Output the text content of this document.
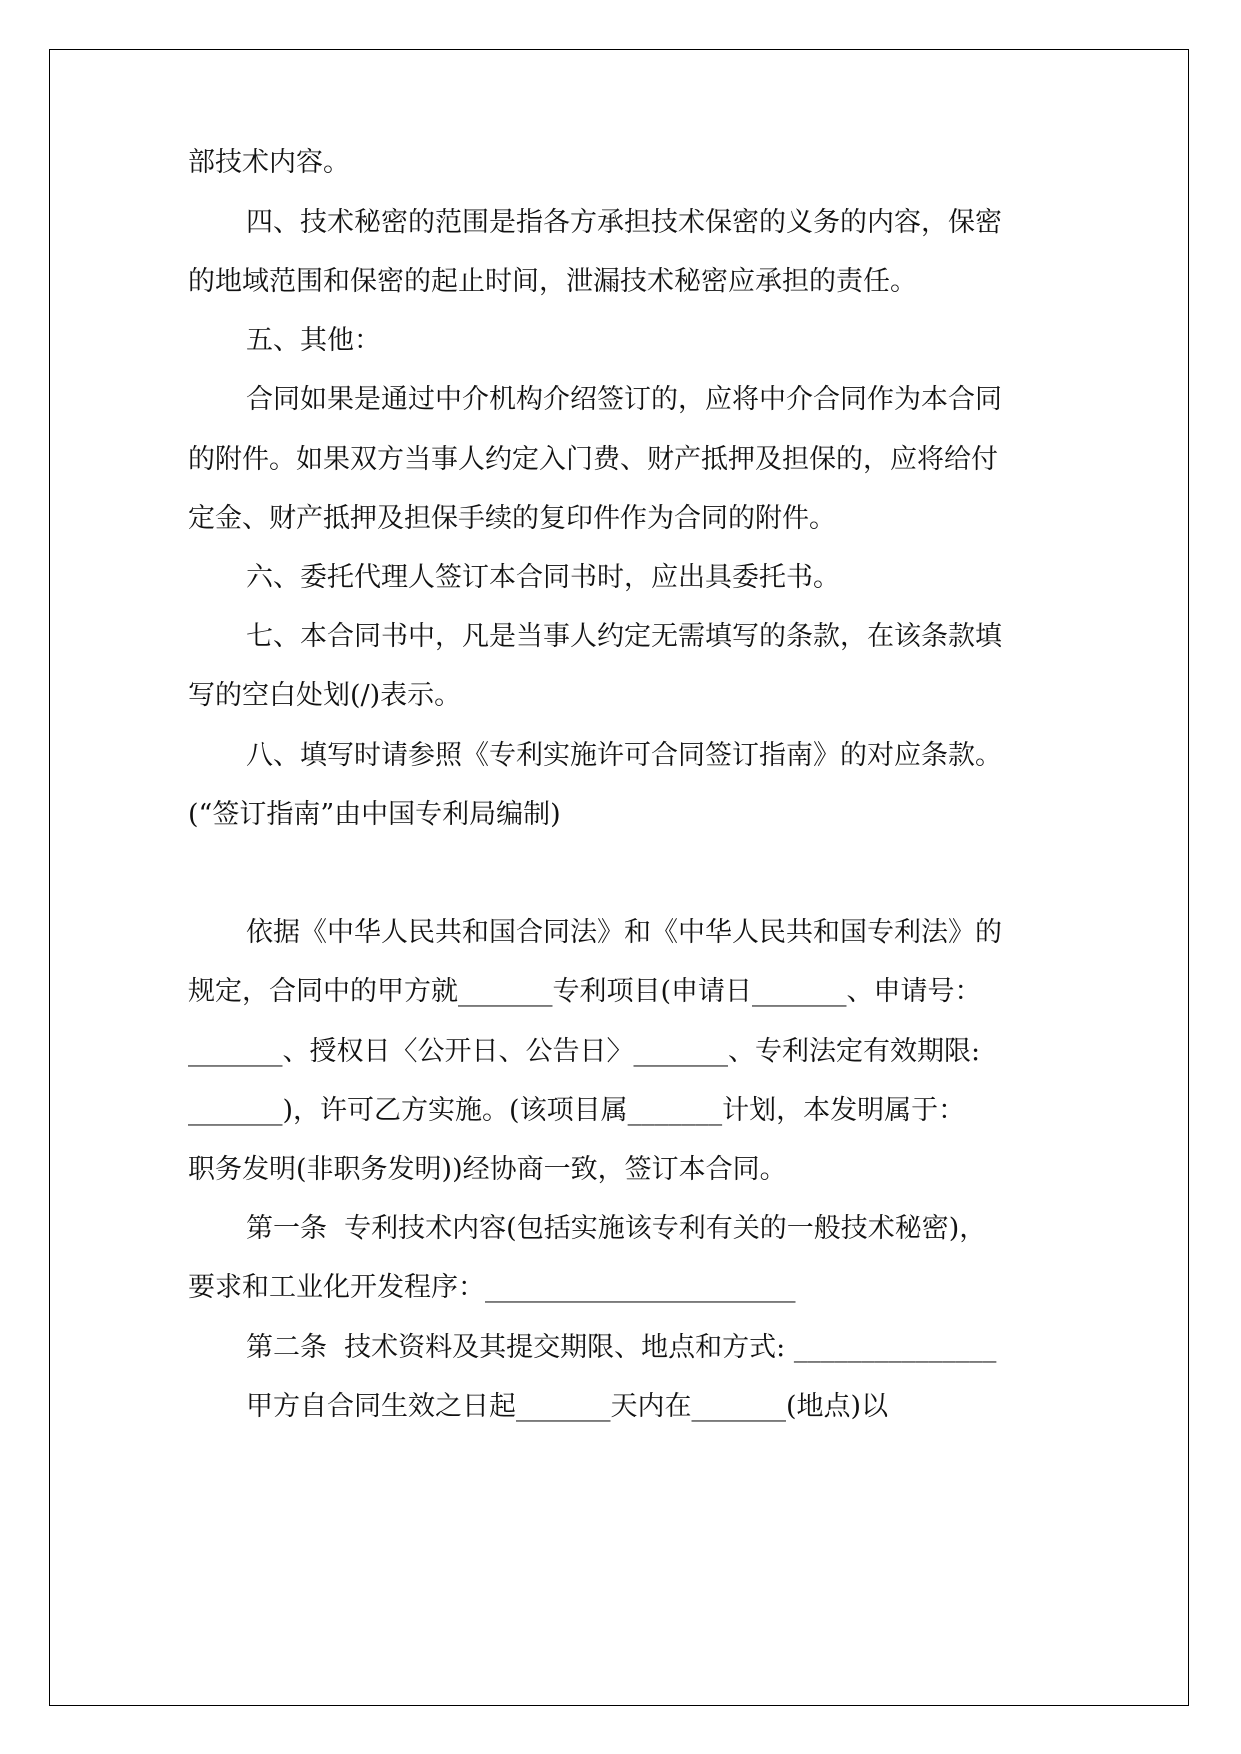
部技术内容。
四、技术秘密的范围是指各方承担技术保密的义务的内容，保密
的地域范围和保密的起止时间，泄漏技术秘密应承担的责任。
五、其他：
合同如果是通过中介机构介绍签订的，应将中介合同作为本合同
的附件。如果双方当事人约定入门费、财产抵押及担保的，应将给付
定金、财产抵押及担保手续的复印件作为合同的附件。
六、委托代理人签订本合同书时，应出具委托书。
七、本合同书中，凡是当事人约定无需填写的条款，在该条款填
写的空白处划(/)表示。
八、填写时请参照《专利实施许可合同签订指南》的对应条款。
(“签订指南”由中国专利局编制)
依据《中华人民共和国合同法》和《中华人民共和国专利法》的
规定，合同中的甲方就_______专利项目(申请日_______、申请号：
_______、授权日〈公开日、公告日〉_______、专利法定有效期限:
_______)，许可乙方实施。(该项目属_______计划，本发明属于：
职务发明(非职务发明))经协商一致，签订本合同。
第一条  专利技术内容(包括实施该专利有关的一般技术秘密)，
要求和工业化开发程序：_______________________
第二条  技术资料及其提交期限、地点和方式: _______________
甲方自合同生效之日起_______天内在_______(地点)以
